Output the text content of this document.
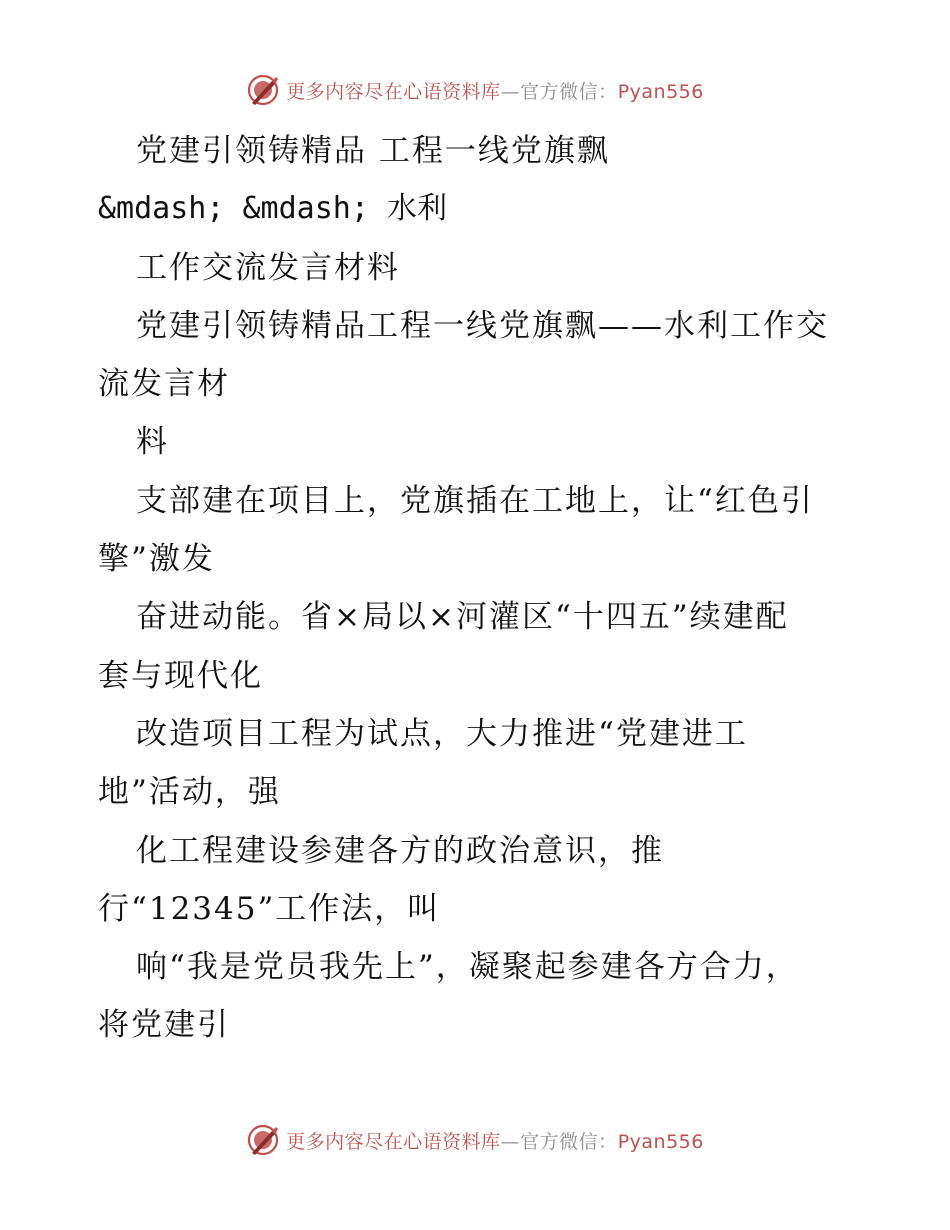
更多内容尽在心语资料库—官方微信：Pyan556
党建引领铸精品 工程一线党旗飘
&mdash; &mdash; 水利
工作交流发言材料
党建引领铸精品工程一线党旗飘——水利工作交
流发言材
料
支部建在项目上，党旗插在工地上，让“红色引
擎”激发
奋进动能。省×局以×河灌区“十四五”续建配
套与现代化
改造项目工程为试点，大力推进“党建进工
地”活动，强
化工程建设参建各方的政治意识，推
行“12345”工作法，叫
响“我是党员我先上”，凝聚起参建各方合力，
将党建引
更多内容尽在心语资料库—官方微信：Pyan556
